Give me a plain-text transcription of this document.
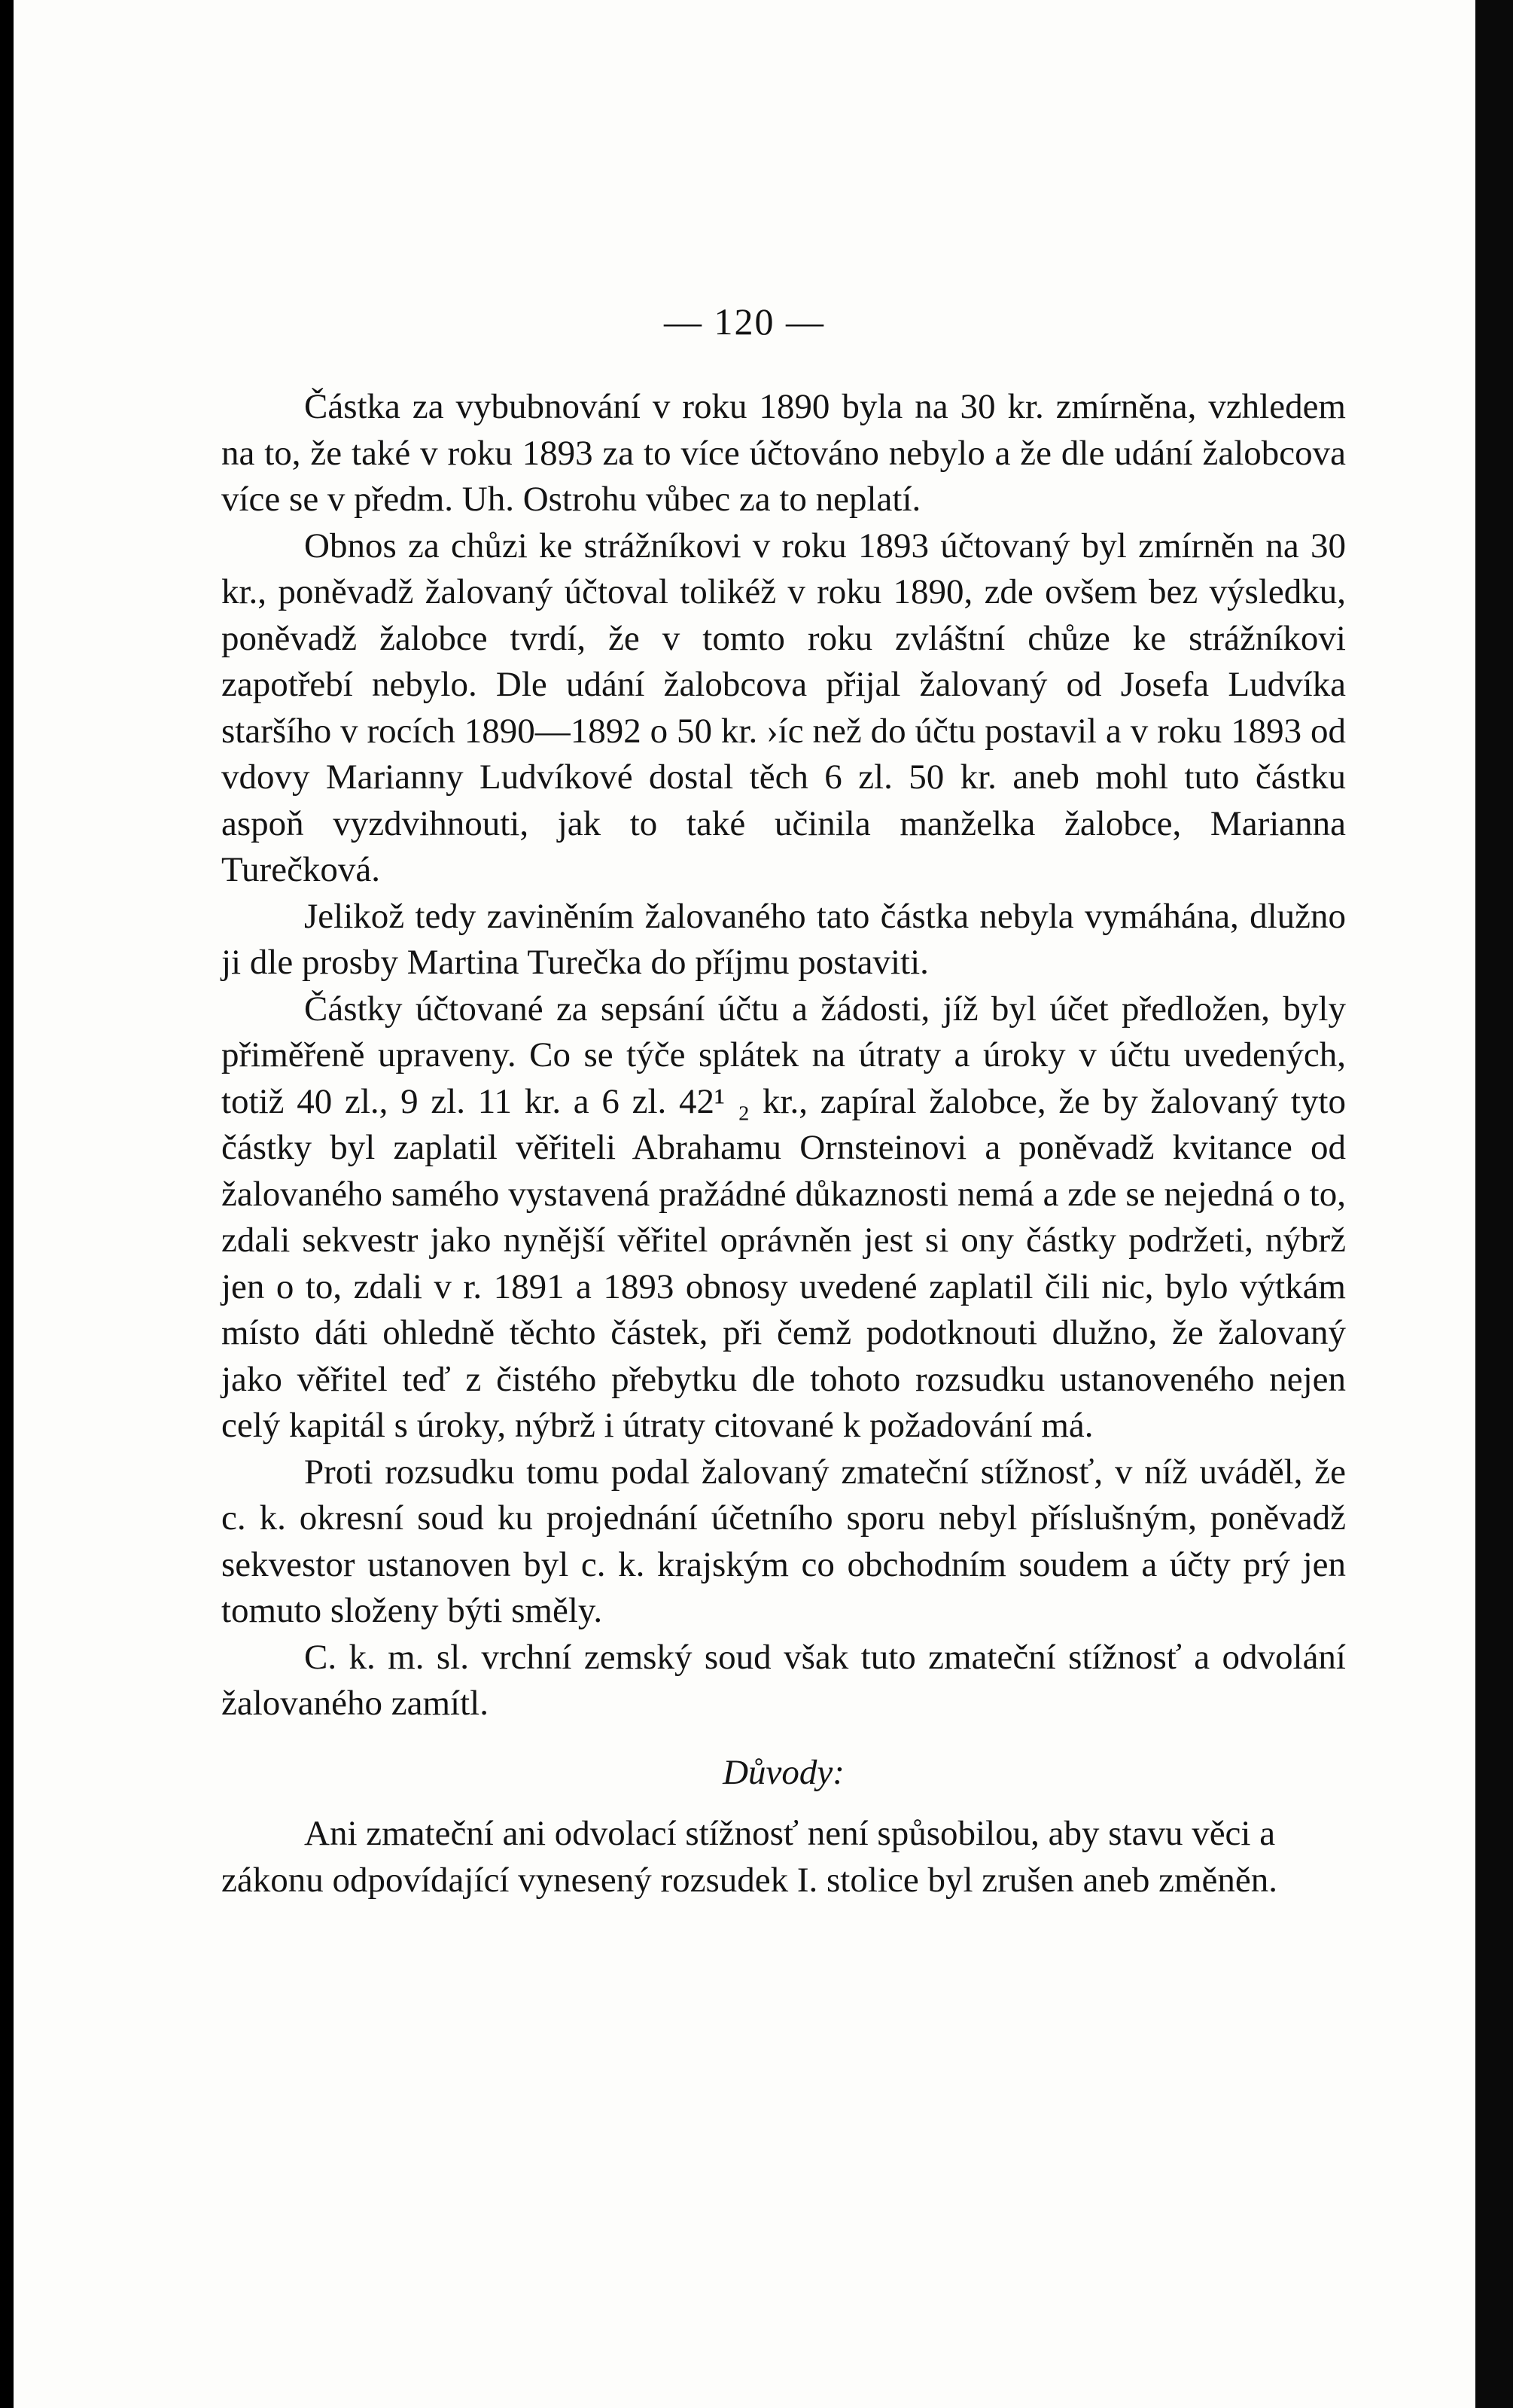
— 120 —

Částka za vybubnování v roku 1890 byla na 30 kr. zmírněna, vzhledem na to, že také v roku 1893 za to více účtováno nebylo a že dle udání žalobcova více se v předm. Uh. Ostrohu vůbec za to neplatí.

Obnos za chůzi ke strážníkovi v roku 1893 účtovaný byl zmírněn na 30 kr., poněvadž žalovaný účtoval tolikéž v roku 1890, zde ovšem bez výsledku, poněvadž žalobce tvrdí, že v tomto roku zvláštní chůze ke strážníkovi zapotřebí nebylo. Dle udání žalobcova přijal žalovaný od Josefa Ludvíka staršího v rocích 1890—1892 o 50 kr. ›íc než do účtu postavil a v roku 1893 od vdovy Marianny Ludvíkové dostal těch 6 zl. 50 kr. aneb mohl tuto částku aspoň vyzdvihnouti, jak to také učinila manželka žalobce, Marianna Turečková.

Jelikož tedy zaviněním žalovaného tato částka nebyla vymáhána, dlužno ji dle prosby Martina Turečka do příjmu postaviti.

Částky účtované za sepsání účtu a žádosti, jíž byl účet předložen, byly přiměřeně upraveny. Co se týče splátek na útraty a úroky v účtu uvedených, totiž 40 zl., 9 zl. 11 kr. a 6 zl. 42¹ ₂ kr., zapíral žalobce, že by žalovaný tyto částky byl zaplatil věřiteli Abrahamu Ornsteinovi a poněvadž kvitance od žalovaného samého vystavená pražádné důkaznosti nemá a zde se nejedná o to, zdali sekvestr jako nynější věřitel oprávněn jest si ony částky podržeti, nýbrž jen o to, zdali v r. 1891 a 1893 obnosy uvedené zaplatil čili nic, bylo výtkám místo dáti ohledně těchto částek, při čemž podotknouti dlužno, že žalovaný jako věřitel teď z čistého přebytku dle tohoto rozsudku ustanoveného nejen celý kapitál s úroky, nýbrž i útraty citované k požadování má.

Proti rozsudku tomu podal žalovaný zmateční stížnosť, v níž uváděl, že c. k. okresní soud ku projednání účetního sporu nebyl příslušným, poněvadž sekvestor ustanoven byl c. k. krajským co obchodním soudem a účty prý jen tomuto složeny býti směly.

C. k. m. sl. vrchní zemský soud však tuto zmateční stížnosť a odvolání žalovaného zamítl.

Důvody:

Ani zmateční ani odvolací stížnosť není spůsobilou, aby stavu věci a zákonu odpovídající vynesený rozsudek I. stolice byl zrušen aneb změněn.
